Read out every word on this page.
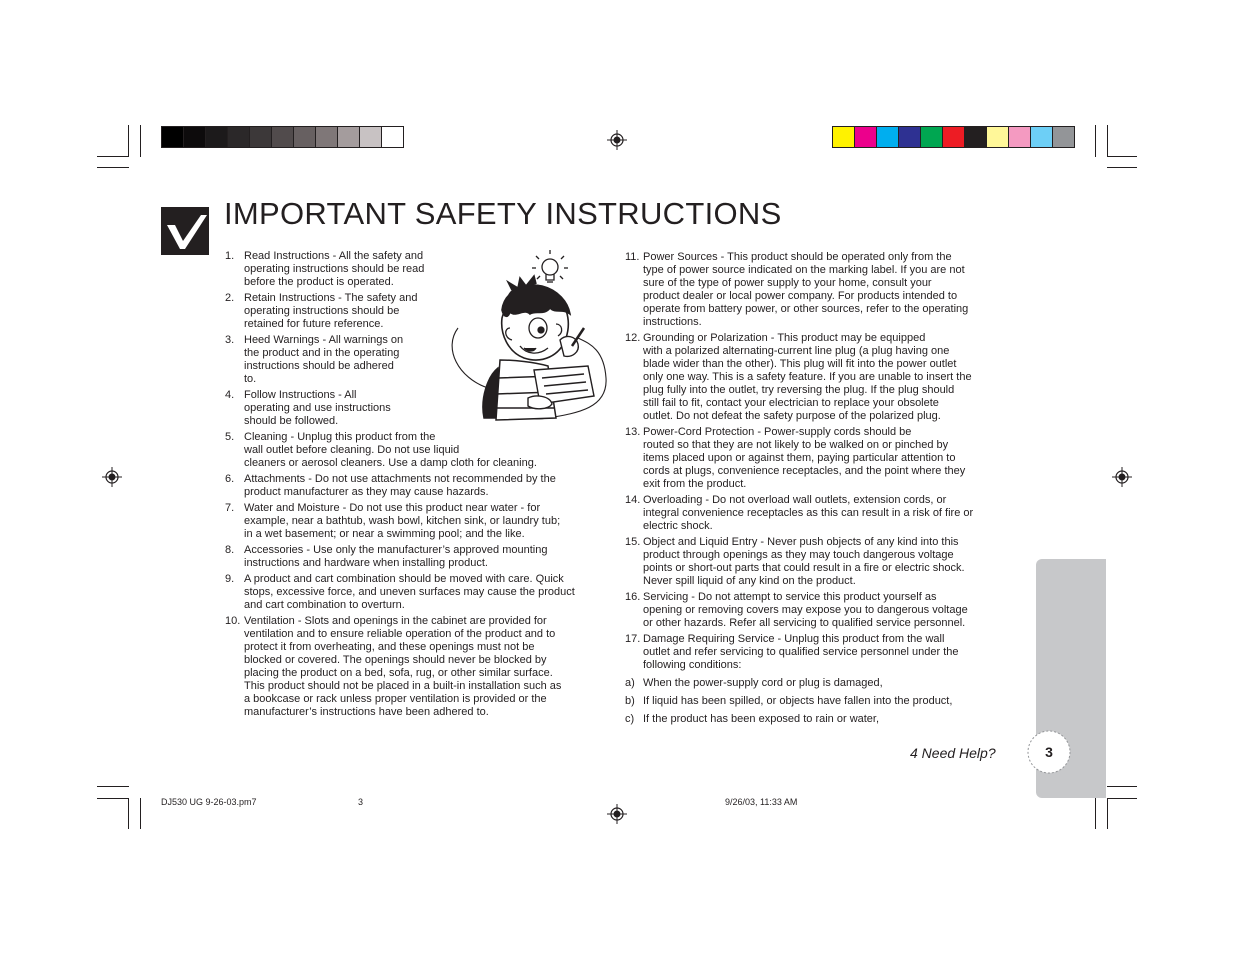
IMPORTANT SAFETY INSTRUCTIONS
1. Read Instructions - All the safety and
operating instructions should be read
before the product is operated.
2. Retain Instructions - The safety and
operating instructions should be
retained for future reference.
3. Heed Warnings - All warnings on
the product and in the operating
instructions should be adhered
to.
4. Follow Instructions - All
operating and use instructions
should be followed.
5. Cleaning - Unplug this product from the
wall outlet before cleaning. Do not use liquid
cleaners or aerosol cleaners. Use a damp cloth for cleaning.
6. Attachments - Do not use attachments not recommended by the
product manufacturer as they may cause hazards.
7. Water and Moisture - Do not use this product near water - for
example, near a bathtub, wash bowl, kitchen sink, or laundry tub;
in a wet basement; or near a swimming pool; and the like.
8. Accessories - Use only the manufacturer’s approved mounting
instructions and hardware when installing product.
9. A product and cart combination should be moved with care. Quick
stops, excessive force, and uneven surfaces may cause the product
and cart combination to overturn.
10. Ventilation - Slots and openings in the cabinet are provided for
ventilation and to ensure reliable operation of the product and to
protect it from overheating, and these openings must not be
blocked or covered. The openings should never be blocked by
placing the product on a bed, sofa, rug, or other similar surface.
This product should not be placed in a built-in installation such as
a bookcase or rack unless proper ventilation is provided or the
manufacturer’s instructions have been adhered to.
11. Power Sources - This product should be operated only from the
type of power source indicated on the marking label. If you are not
sure of the type of power supply to your home, consult your
product dealer or local power company. For products intended to
operate from battery power, or other sources, refer to the operating
instructions.
12. Grounding or Polarization - This product may be equipped
with a polarized alternating-current line plug (a plug having one
blade wider than the other). This plug will fit into the power outlet
only one way. This is a safety feature. If you are unable to insert the
plug fully into the outlet, try reversing the plug. If the plug should
still fail to fit, contact your electrician to replace your obsolete
outlet. Do not defeat the safety purpose of the polarized plug.
13. Power-Cord Protection - Power-supply cords should be
routed so that they are not likely to be walked on or pinched by
items placed upon or against them, paying particular attention to
cords at plugs, convenience receptacles, and the point where they
exit from the product.
14. Overloading - Do not overload wall outlets, extension cords, or
integral convenience receptacles as this can result in a risk of fire or
electric shock.
15. Object and Liquid Entry - Never push objects of any kind into this
product through openings as they may touch dangerous voltage
points or short-out parts that could result in a fire or electric shock.
Never spill liquid of any kind on the product.
16. Servicing - Do not attempt to service this product yourself as
opening or removing covers may expose you to dangerous voltage
or other hazards. Refer all servicing to qualified service personnel.
17. Damage Requiring Service - Unplug this product from the wall
outlet and refer servicing to qualified service personnel under the
following conditions:
a) When the power-supply cord or plug is damaged,
b) If liquid has been spilled, or objects have fallen into the product,
c) If the product has been exposed to rain or water,
3
4 Need Help?
DJ530 UG 9-26-03.pm7	3	9/26/03, 11:33 AM
